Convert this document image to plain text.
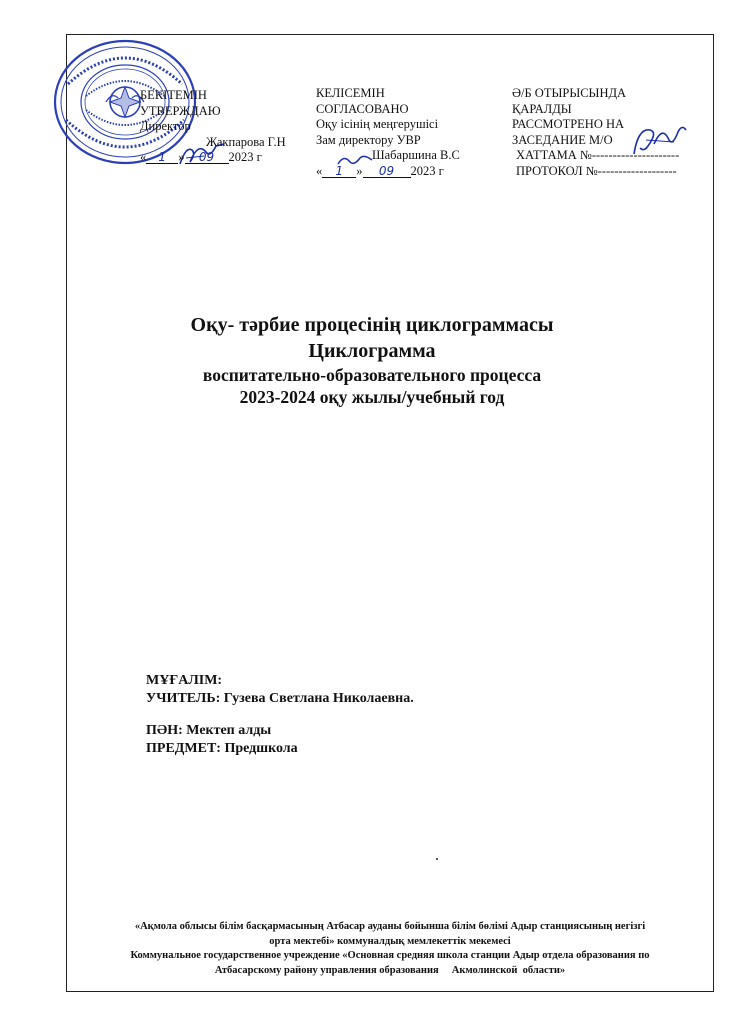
БЕКІТЕМІН
УТВЕРЖДАЮ
Директор
Жакпарова Г.Н
« 1 » 09 2023 г
КЕЛІСЕМІН
СОГЛАСОВАНО
Оқу ісінің меңгерушісі
Зам директору УВР
Шабаршина В.С
« 1 » 09 2023 г
Ә/Б ОТЫРЫСЫНДА
ҚАРАЛДЫ
РАССМОТРЕНО НА
ЗАСЕДАНИЕ М/О
ХАТТАМА №---------------------
ПРОТОКОЛ №-------------------
Оқу- тәрбие процесінің циклограммасы
Циклограмма
воспитательно-образовательного процесса
2023-2024 оқу жылы/учебный год
МҰҒАЛІМ:
УЧИТЕЛЬ: Гузева Светлана Николаевна.
ПӘН: Мектеп алды
ПРЕДМЕТ: Предшкола
«Ақмола облысы білім басқармасының Атбасар ауданы бойынша білім бөлімі Адыр станциясының негізгі
орта мектебі» коммуналдық мемлекеттік мекемесі
Коммунальное государственное учреждение «Основная средняя школа станции Адыр отдела образования по
Атбасарскому району управления образования     Акмолинской  области»
